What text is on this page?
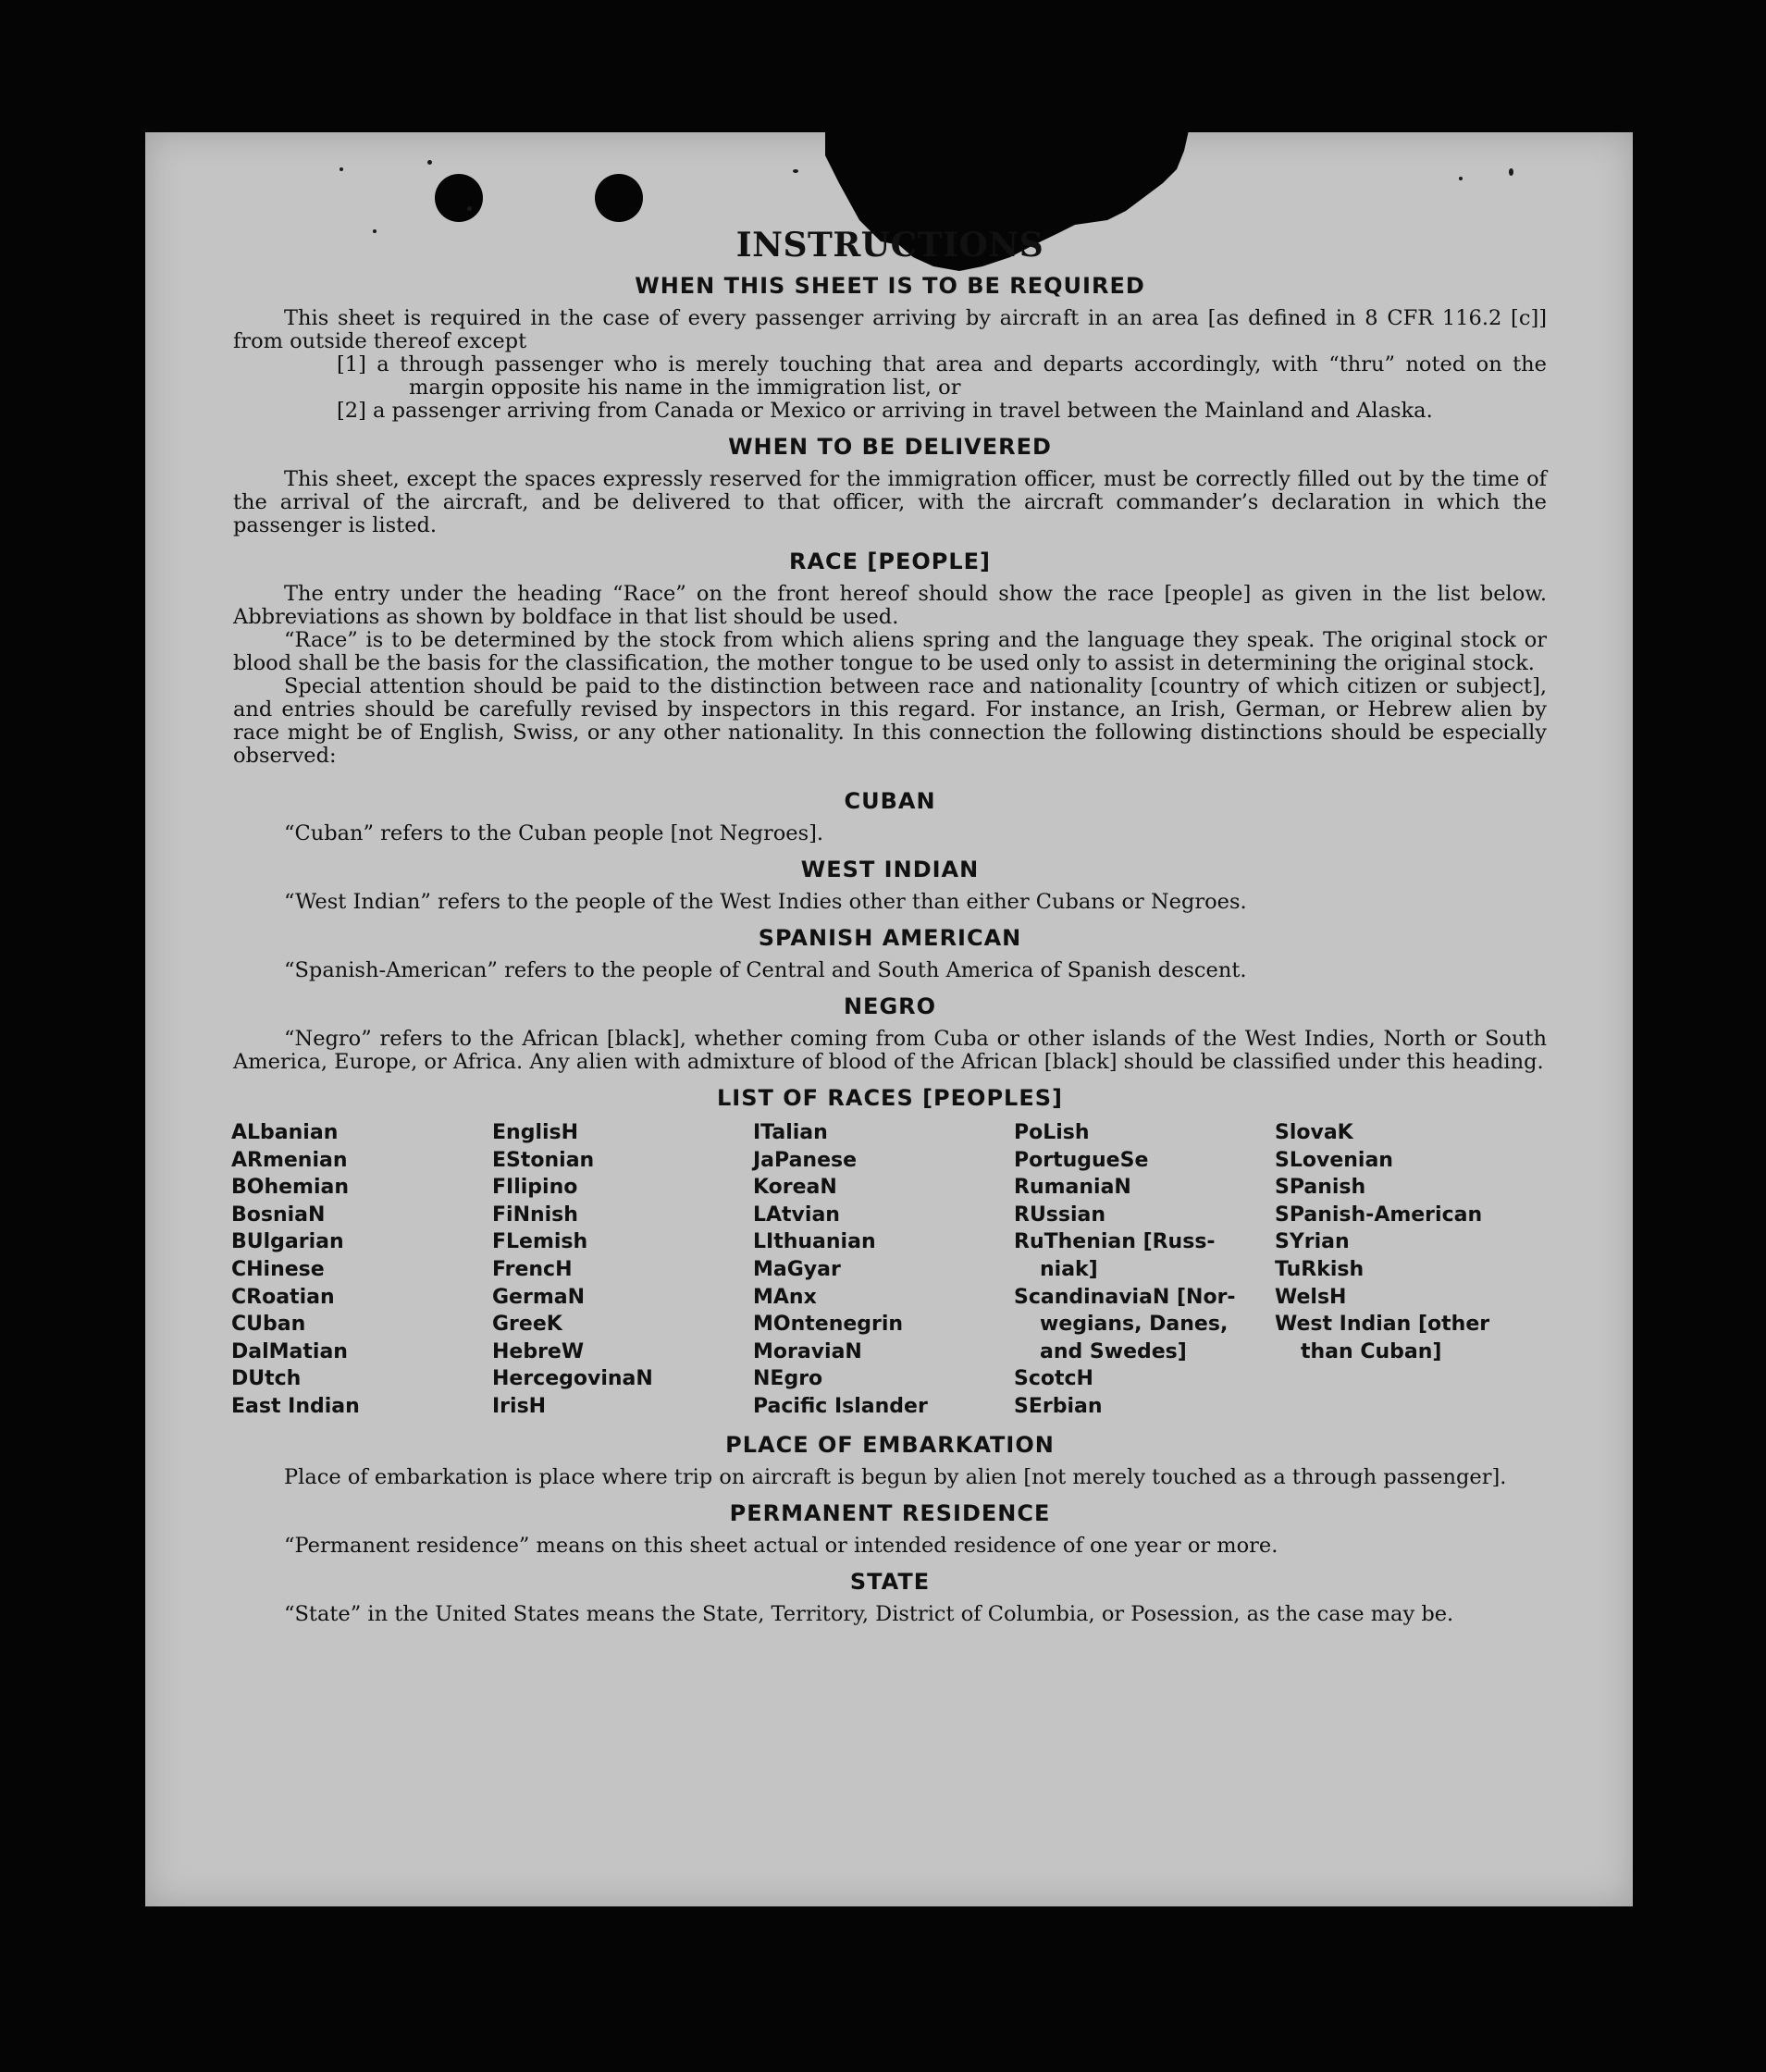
INSTRUCTIONS
WHEN THIS SHEET IS TO BE REQUIRED

This sheet is required in the case of every passenger arriving by aircraft in an area [as defined in 8 CFR 116.2 [c]] from outside thereof except

[1] a through passenger who is merely touching that area and departs accordingly, with “thru” noted on the margin opposite his name in the immigration list, or

[2] a passenger arriving from Canada or Mexico or arriving in travel between the Mainland and Alaska.

WHEN TO BE DELIVERED

This sheet, except the spaces expressly reserved for the immigration officer, must be correctly filled out by the time of the arrival of the aircraft, and be delivered to that officer, with the aircraft commander’s declaration in which the passenger is listed.

RACE [PEOPLE]

The entry under the heading “Race” on the front hereof should show the race [people] as given in the list below. Abbreviations as shown by boldface in that list should be used.

“Race” is to be determined by the stock from which aliens spring and the language they speak. The original stock or blood shall be the basis for the classification, the mother tongue to be used only to assist in determining the original stock.

Special attention should be paid to the distinction between race and nationality [country of which citizen or subject], and entries should be carefully revised by inspectors in this regard. For instance, an Irish, German, or Hebrew alien by race might be of English, Swiss, or any other nationality. In this connection the following distinctions should be especially observed:

CUBAN

“Cuban” refers to the Cuban people [not Negroes].

WEST INDIAN

“West Indian” refers to the people of the West Indies other than either Cubans or Negroes.

SPANISH AMERICAN

“Spanish-American” refers to the people of Central and South America of Spanish descent.

NEGRO

“Negro” refers to the African [black], whether coming from Cuba or other islands of the West Indies, North or South America, Europe, or Africa. Any alien with admixture of blood of the African [black] should be classified under this heading.

LIST OF RACES [PEOPLES]
ALbanian
ARmenian
BOhemian
BosniaN
BUlgarian
CHinese
CRoatian
CUban
DalMatian
DUtch
East Indian
EnglisH
EStonian
FIlipino
FiNnish
FLemish
FrencH
GermaN
GreeK
HebreW
HercegovinaN
IrisH
ITalian
JaPanese
KoreaN
LAtvian
LIthuanian
MaGyar
MAnx
MOntenegrin
MoraviaN
NEgro
Pacific Islander
PoLish
PortugueSe
RumaniaN
RUssian
RuThenian [Russ-
niak]
ScandinaviaN [Nor-
wegians, Danes,
and Swedes]
ScotcH
SErbian
SlovaK
SLovenian
SPanish
SPanish-American
SYrian
TuRkish
WelsH
West Indian [other
than Cuban]
PLACE OF EMBARKATION

Place of embarkation is place where trip on aircraft is begun by alien [not merely touched as a through passenger].

PERMANENT RESIDENCE

“Permanent residence” means on this sheet actual or intended residence of one year or more.

STATE

“State” in the United States means the State, Territory, District of Columbia, or Posession, as the case may be.
